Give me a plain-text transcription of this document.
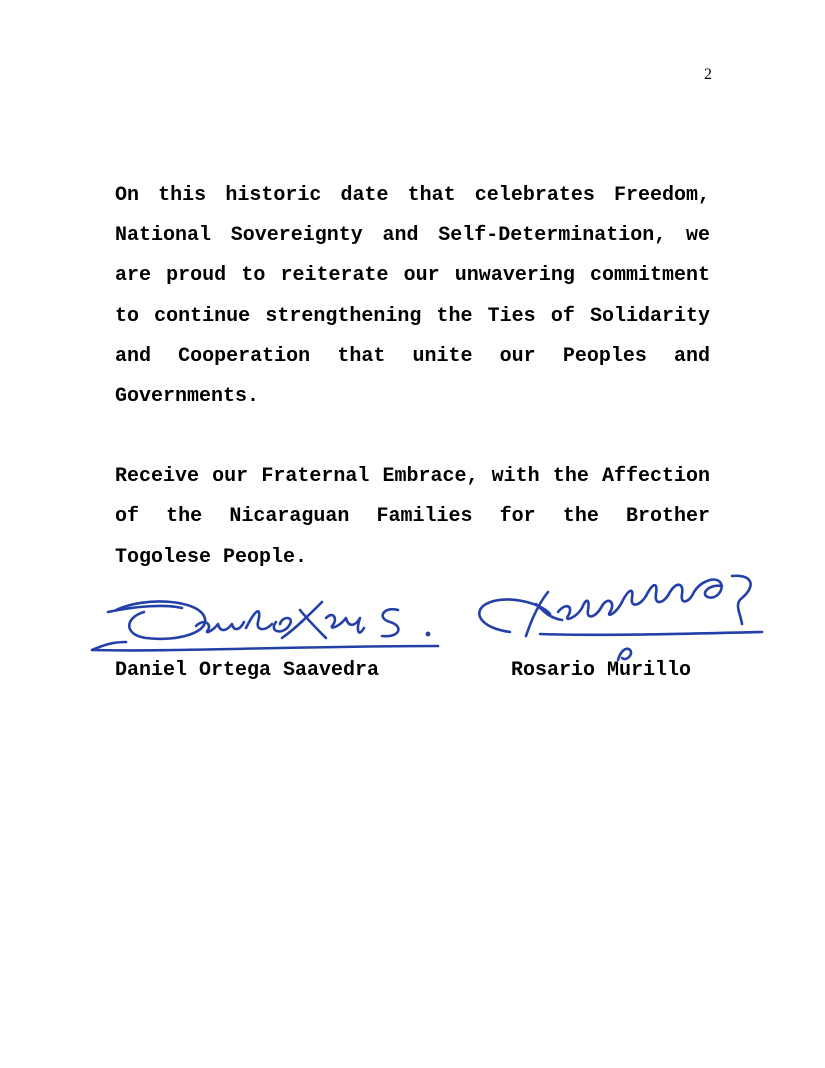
2

On this historic date that celebrates Freedom, National Sovereignty and Self-Determination, we are proud to reiterate our unwavering commitment to continue strengthening the Ties of Solidarity and Cooperation that unite our Peoples and Governments.

Receive our Fraternal Embrace, with the Affection of the Nicaraguan Families for the Brother Togolese People.

Daniel Ortega Saavedra	Rosario Murillo
